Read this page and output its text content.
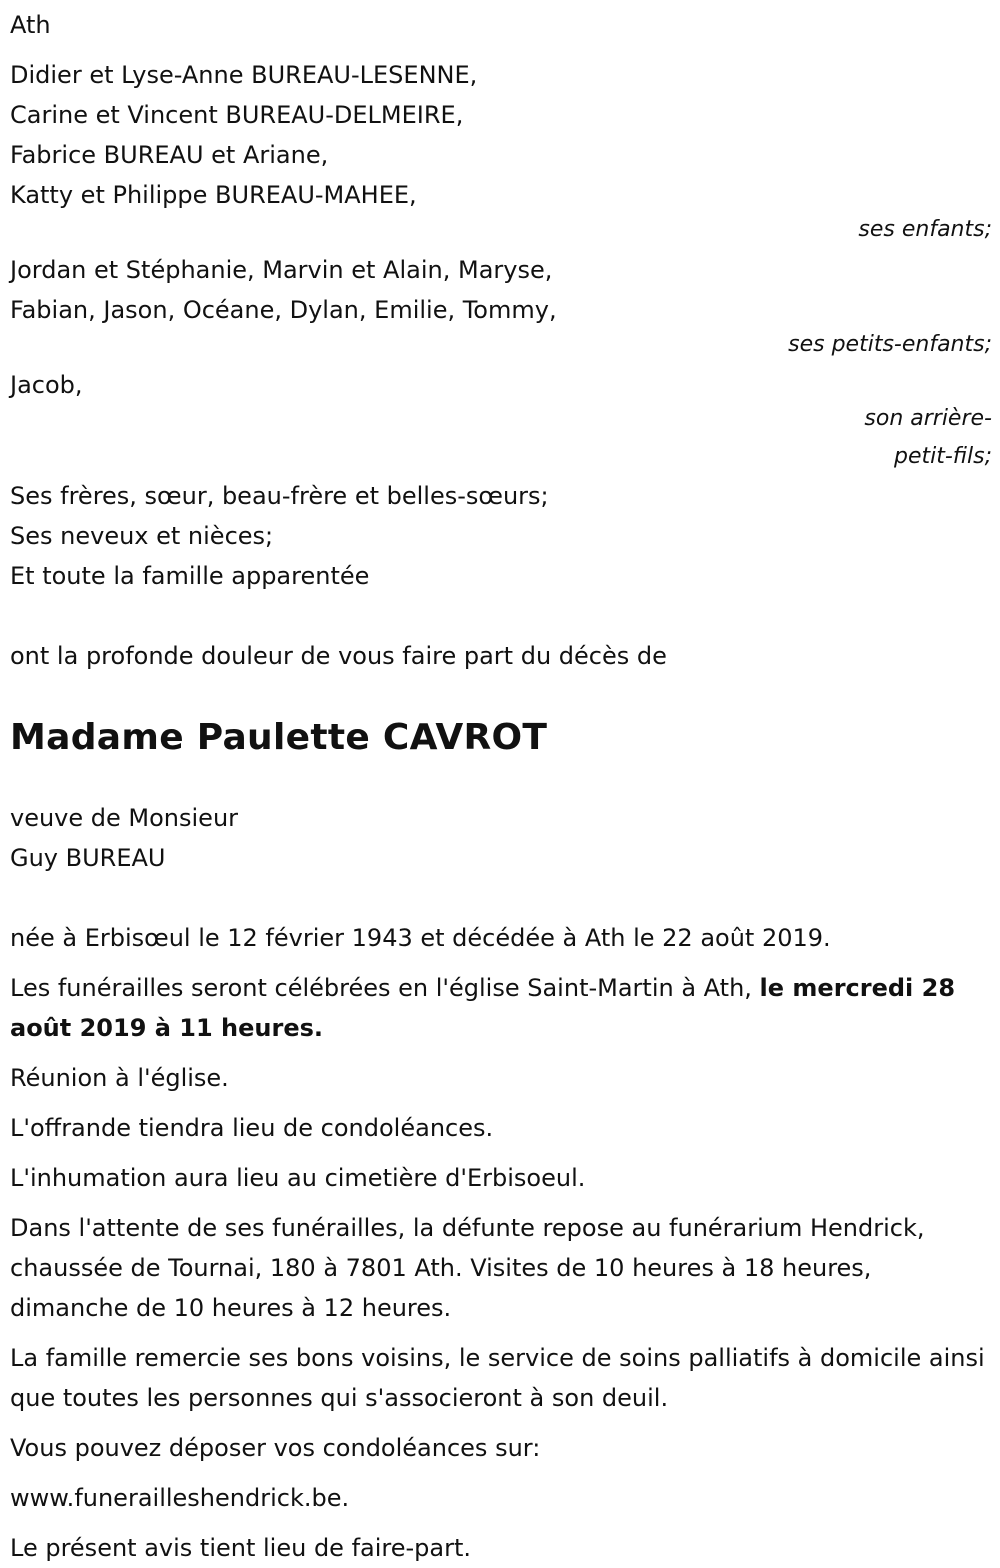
Ath
Didier et Lyse-Anne BUREAU-LESENNE,
Carine et Vincent BUREAU-DELMEIRE,
Fabrice BUREAU et Ariane,
Katty et Philippe BUREAU-MAHEE,
ses enfants;
Jordan et Stéphanie, Marvin et Alain, Maryse,
Fabian, Jason, Océane, Dylan, Emilie, Tommy,
ses petits-enfants;
Jacob,
son arrière-
petit-fils;
Ses frères, sœur, beau-frère et belles-sœurs;
Ses neveux et nièces;
Et toute la famille apparentée
ont la profonde douleur de vous faire part du décès de
Madame Paulette CAVROT
veuve de Monsieur
Guy BUREAU

née à Erbisœul le 12 février 1943 et décédée à Ath le 22 août 2019.

Les funérailles seront célébrées en l'église Saint-Martin à Ath, le mercredi 28 août 2019 à 11 heures.

Réunion à l'église.

L'offrande tiendra lieu de condoléances.

L'inhumation aura lieu au cimetière d'Erbisoeul.

Dans l'attente de ses funérailles, la défunte repose au funérarium Hendrick, chaussée de Tournai, 180 à 7801 Ath. Visites de 10 heures à 18 heures, dimanche de 10 heures à 12 heures.

La famille remercie ses bons voisins, le service de soins palliatifs à domicile ainsi que toutes les personnes qui s'associeront à son deuil.

Vous pouvez déposer vos condoléances sur:

www.funerailleshendrick.be.

Le présent avis tient lieu de faire-part.
